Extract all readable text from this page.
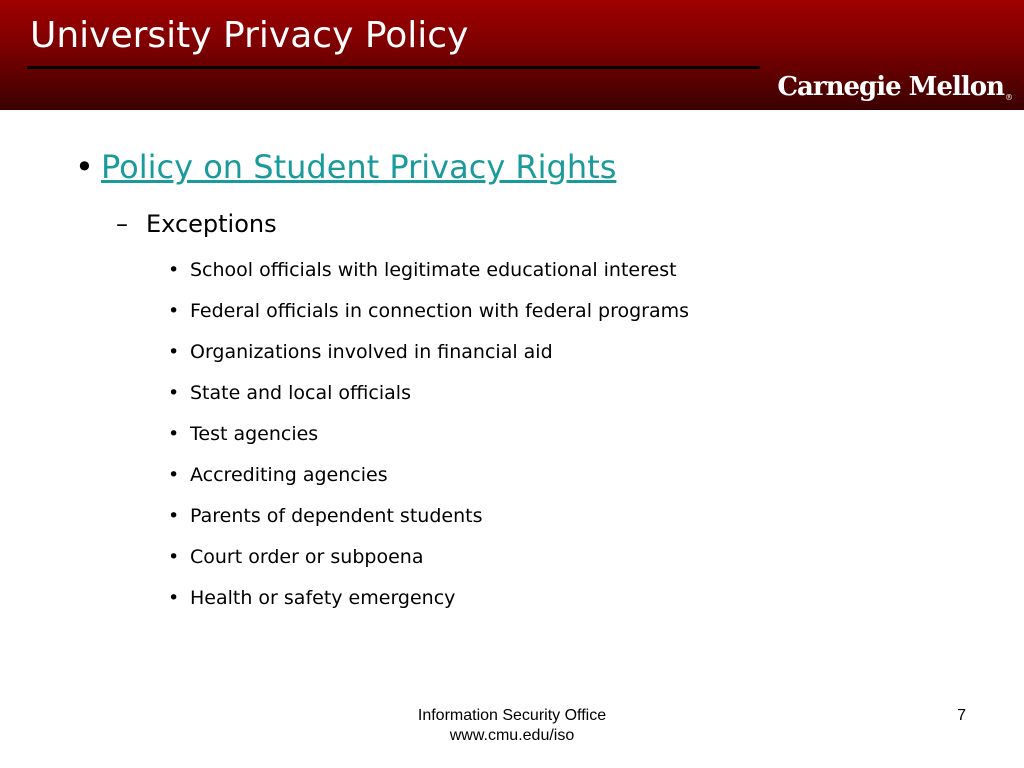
University Privacy Policy
Carnegie Mellon®
• Policy on Student Privacy Rights
– Exceptions
• School officials with legitimate educational interest
• Federal officials in connection with federal programs
• Organizations involved in financial aid
• State and local officials
• Test agencies
• Accrediting agencies
• Parents of dependent students
• Court order or subpoena
• Health or safety emergency
Information Security Office
www.cmu.edu/iso
7
